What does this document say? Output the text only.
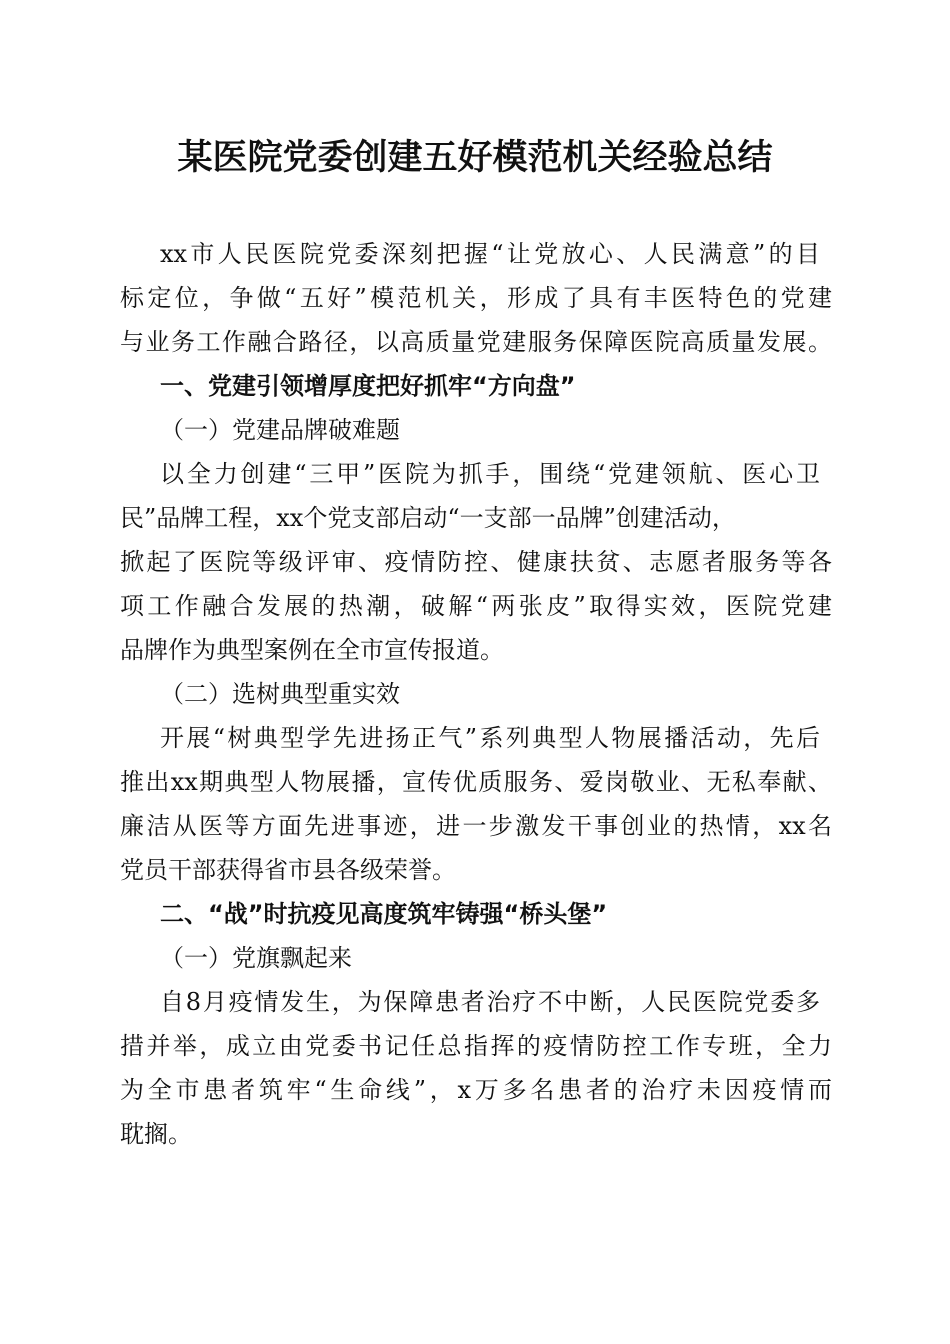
某医院党委创建五好模范机关经验总结
xx市人民医院党委深刻把握“让党放心、人民满意”的目
标定位，争做“五好”模范机关，形成了具有丰医特色的党建
与业务工作融合路径，以高质量党建服务保障医院高质量发展。
一、党建引领增厚度把好抓牢“方向盘”
（一）党建品牌破难题
以全力创建“三甲”医院为抓手，围绕“党建领航、医心卫
民”品牌工程，xx个党支部启动“一支部一品牌”创建活动，
掀起了医院等级评审、疫情防控、健康扶贫、志愿者服务等各
项工作融合发展的热潮，破解“两张皮”取得实效，医院党建
品牌作为典型案例在全市宣传报道。
（二）选树典型重实效
开展“树典型学先进扬正气”系列典型人物展播活动，先后
推出xx期典型人物展播，宣传优质服务、爱岗敬业、无私奉献、
廉洁从医等方面先进事迹，进一步激发干事创业的热情，xx名
党员干部获得省市县各级荣誉。
二、“战”时抗疫见高度筑牢铸强“桥头堡”
（一）党旗飘起来
自8月疫情发生，为保障患者治疗不中断，人民医院党委多
措并举，成立由党委书记任总指挥的疫情防控工作专班，全力
为全市患者筑牢“生命线”，x万多名患者的治疗未因疫情而
耽搁。
